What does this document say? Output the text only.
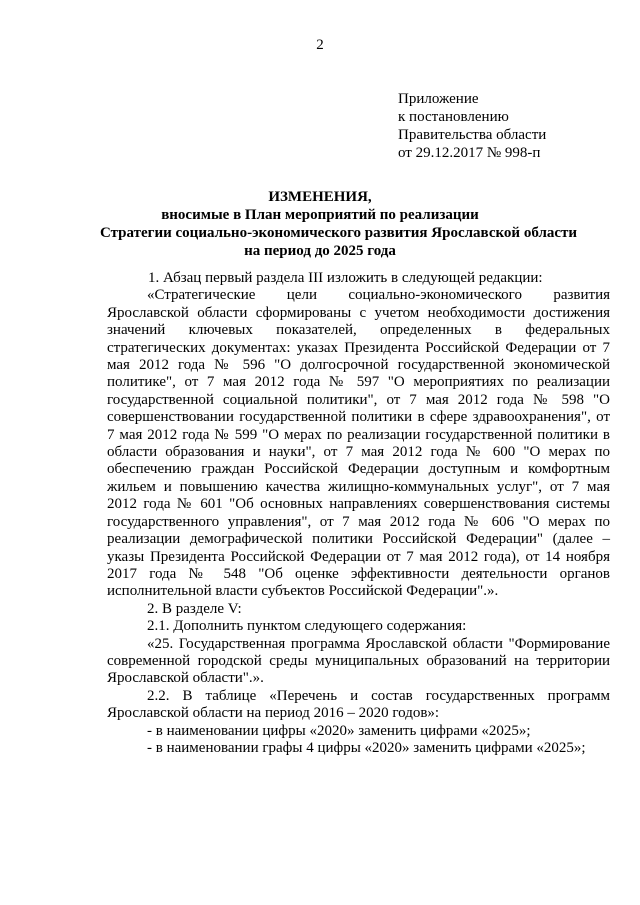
2
Приложение
к постановлению
Правительства области
от 29.12.2017 № 998-п
ИЗМЕНЕНИЯ,
вносимые в План мероприятий по реализации
Стратегии социально-экономического развития Ярославской области
на период до 2025 года

1. Абзац первый раздела III изложить в следующей редакции:

«Стратегические цели социально-экономического развития Ярославской области сформированы с учетом необходимости достижения значений ключевых показателей, определенных в федеральных стратегических документах: указах Президента Российской Федерации от 7 мая 2012 года № 596 "О долгосрочной государственной экономической политике", от 7 мая 2012 года № 597 "О мероприятиях по реализации государственной социальной политики", от 7 мая 2012 года № 598 "О совершенствовании государственной политики в сфере здравоохранения", от 7 мая 2012 года № 599 "О мерах по реализации государственной политики в области образования и науки", от 7 мая 2012 года № 600 "О мерах по обеспечению граждан Российской Федерации доступным и комфортным жильем и повышению качества жилищно-коммунальных услуг", от 7 мая 2012 года № 601 "Об основных направлениях совершенствования системы государственного управления", от 7 мая 2012 года № 606 "О мерах по реализации демографической политики Российской Федерации" (далее – указы Президента Российской Федерации от 7 мая 2012 года), от 14 ноября 2017 года № 548 "Об оценке эффективности деятельности органов исполнительной власти субъектов Российской Федерации".».

2. В разделе V:

2.1. Дополнить пунктом следующего содержания:

«25. Государственная программа Ярославской области "Формирование современной городской среды муниципальных образований на территории Ярославской области".».

2.2. В таблице «Перечень и состав государственных программ Ярославской области на период 2016 – 2020 годов»:

- в наименовании цифры «2020» заменить цифрами «2025»;

- в наименовании графы 4 цифры «2020» заменить цифрами «2025»;
